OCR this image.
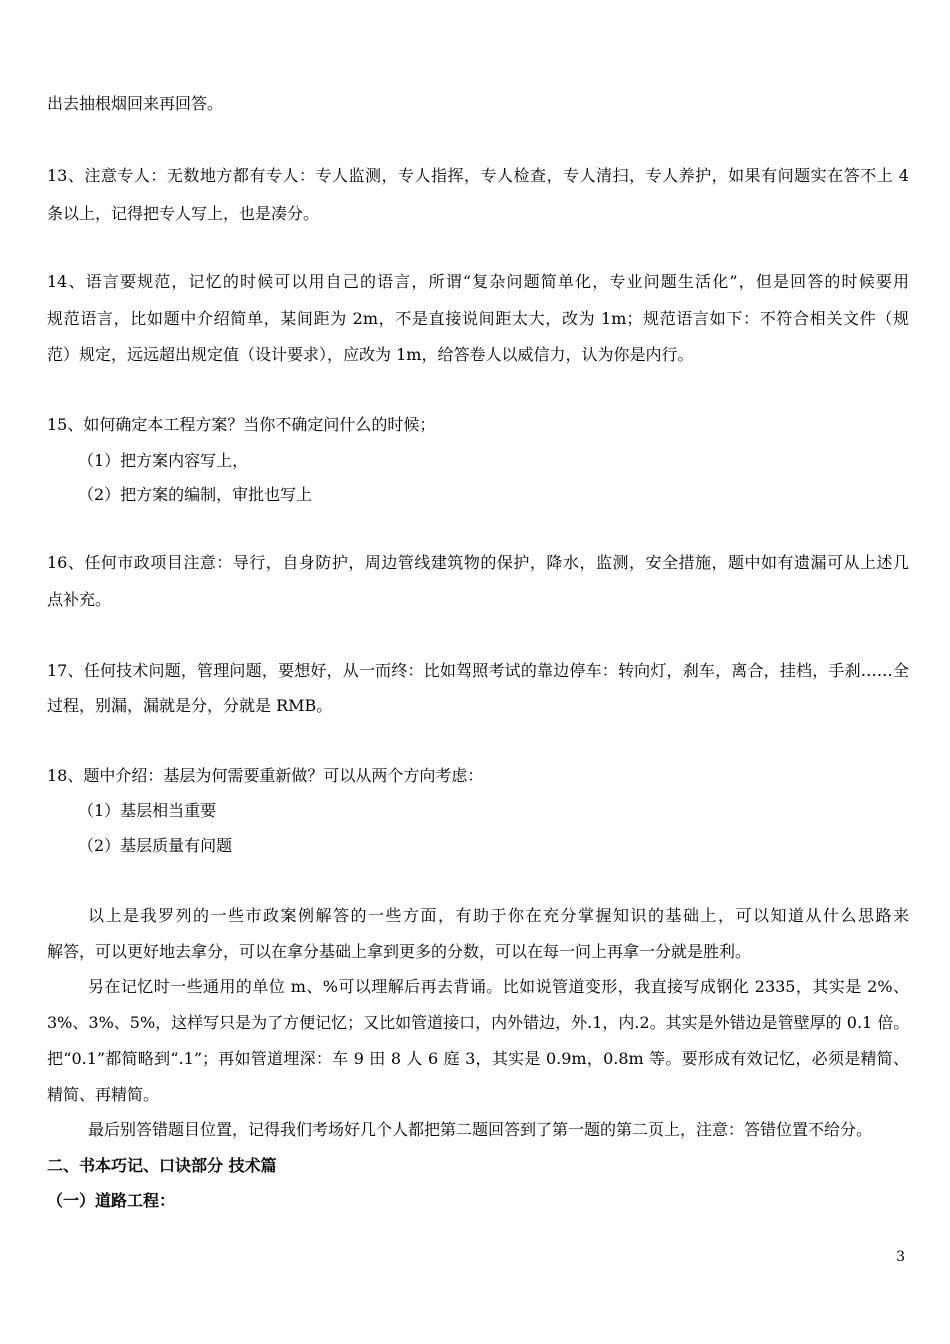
出去抽根烟回来再回答。
13、注意专人：无数地方都有专人：专人监测，专人指挥，专人检查，专人清扫，专人养护，如果有问题实在答不上 4
条以上，记得把专人写上，也是凑分。
14、语言要规范，记忆的时候可以用自己的语言，所谓“复杂问题简单化，专业问题生活化”，但是回答的时候要用
规范语言，比如题中介绍简单，某间距为 2m，不是直接说间距太大，改为 1m；规范语言如下：不符合相关文件（规
范）规定，远远超出规定值（设计要求），应改为 1m，给答卷人以威信力，认为你是内行。
15、如何确定本工程方案？当你不确定问什么的时候；
（1）把方案内容写上，
（2）把方案的编制，审批也写上
16、任何市政项目注意：导行，自身防护，周边管线建筑物的保护，降水，监测，安全措施，题中如有遗漏可从上述几
点补充。
17、任何技术问题，管理问题，要想好，从一而终：比如驾照考试的靠边停车：转向灯，刹车，离合，挂档，手刹……全
过程，别漏，漏就是分，分就是 RMB。
18、题中介绍：基层为何需要重新做？可以从两个方向考虑：
（1）基层相当重要
（2）基层质量有问题
以上是我罗列的一些市政案例解答的一些方面，有助于你在充分掌握知识的基础上，可以知道从什么思路来
解答，可以更好地去拿分，可以在拿分基础上拿到更多的分数，可以在每一问上再拿一分就是胜利。
另在记忆时一些通用的单位 m、%可以理解后再去背诵。比如说管道变形，我直接写成钢化 2335，其实是 2%、
3%、3%、5%，这样写只是为了方便记忆；又比如管道接口，内外错边，外.1，内.2。其实是外错边是管壁厚的 0.1 倍。
把“0.1”都简略到“.1”；再如管道埋深：车 9 田 8 人 6 庭 3，其实是 0.9m，0.8m 等。要形成有效记忆，必须是精简、
精简、再精简。
最后别答错题目位置，记得我们考场好几个人都把第二题回答到了第一题的第二页上，注意：答错位置不给分。
二、书本巧记、口诀部分 技术篇
（一）道路工程：
3
